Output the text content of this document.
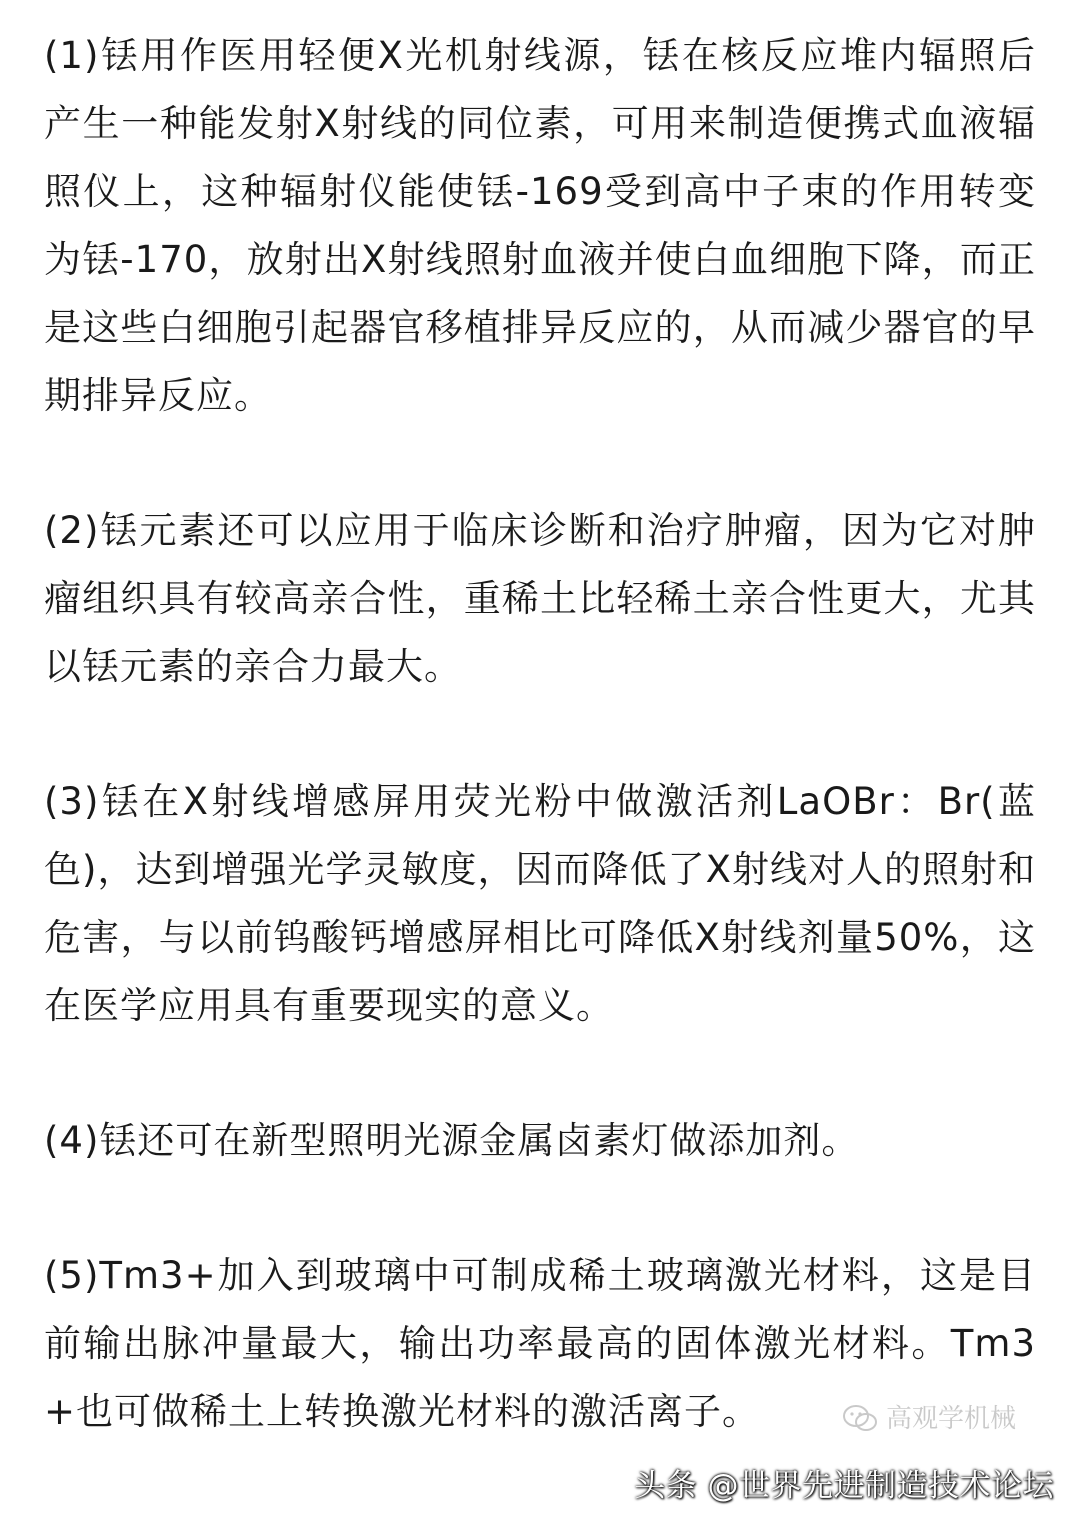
(1)铥用作医用轻便X光机射线源，铥在核反应堆内辐照后产生一种能发射X射线的同位素，可用来制造便携式血液辐照仪上，这种辐射仪能使铥-169受到高中子束的作用转变为铥-170，放射出X射线照射血液并使白血细胞下降，而正是这些白细胞引起器官移植排异反应的，从而减少器官的早期排异反应。

(2)铥元素还可以应用于临床诊断和治疗肿瘤，因为它对肿瘤组织具有较高亲合性，重稀土比轻稀土亲合性更大，尤其以铥元素的亲合力最大。

(3)铥在X射线增感屏用荧光粉中做激活剂LaOBr：Br(蓝色)，达到增强光学灵敏度，因而降低了X射线对人的照射和危害，与以前钨酸钙增感屏相比可降低X射线剂量50%，这在医学应用具有重要现实的意义。

(4)铥还可在新型照明光源金属卤素灯做添加剂。

(5)Tm3+加入到玻璃中可制成稀土玻璃激光材料，这是目前输出脉冲量最大，输出功率最高的固体激光材料。Tm3+也可做稀土上转换激光材料的激活离子。	高观学机械
头条 @世界先进制造技术论坛
